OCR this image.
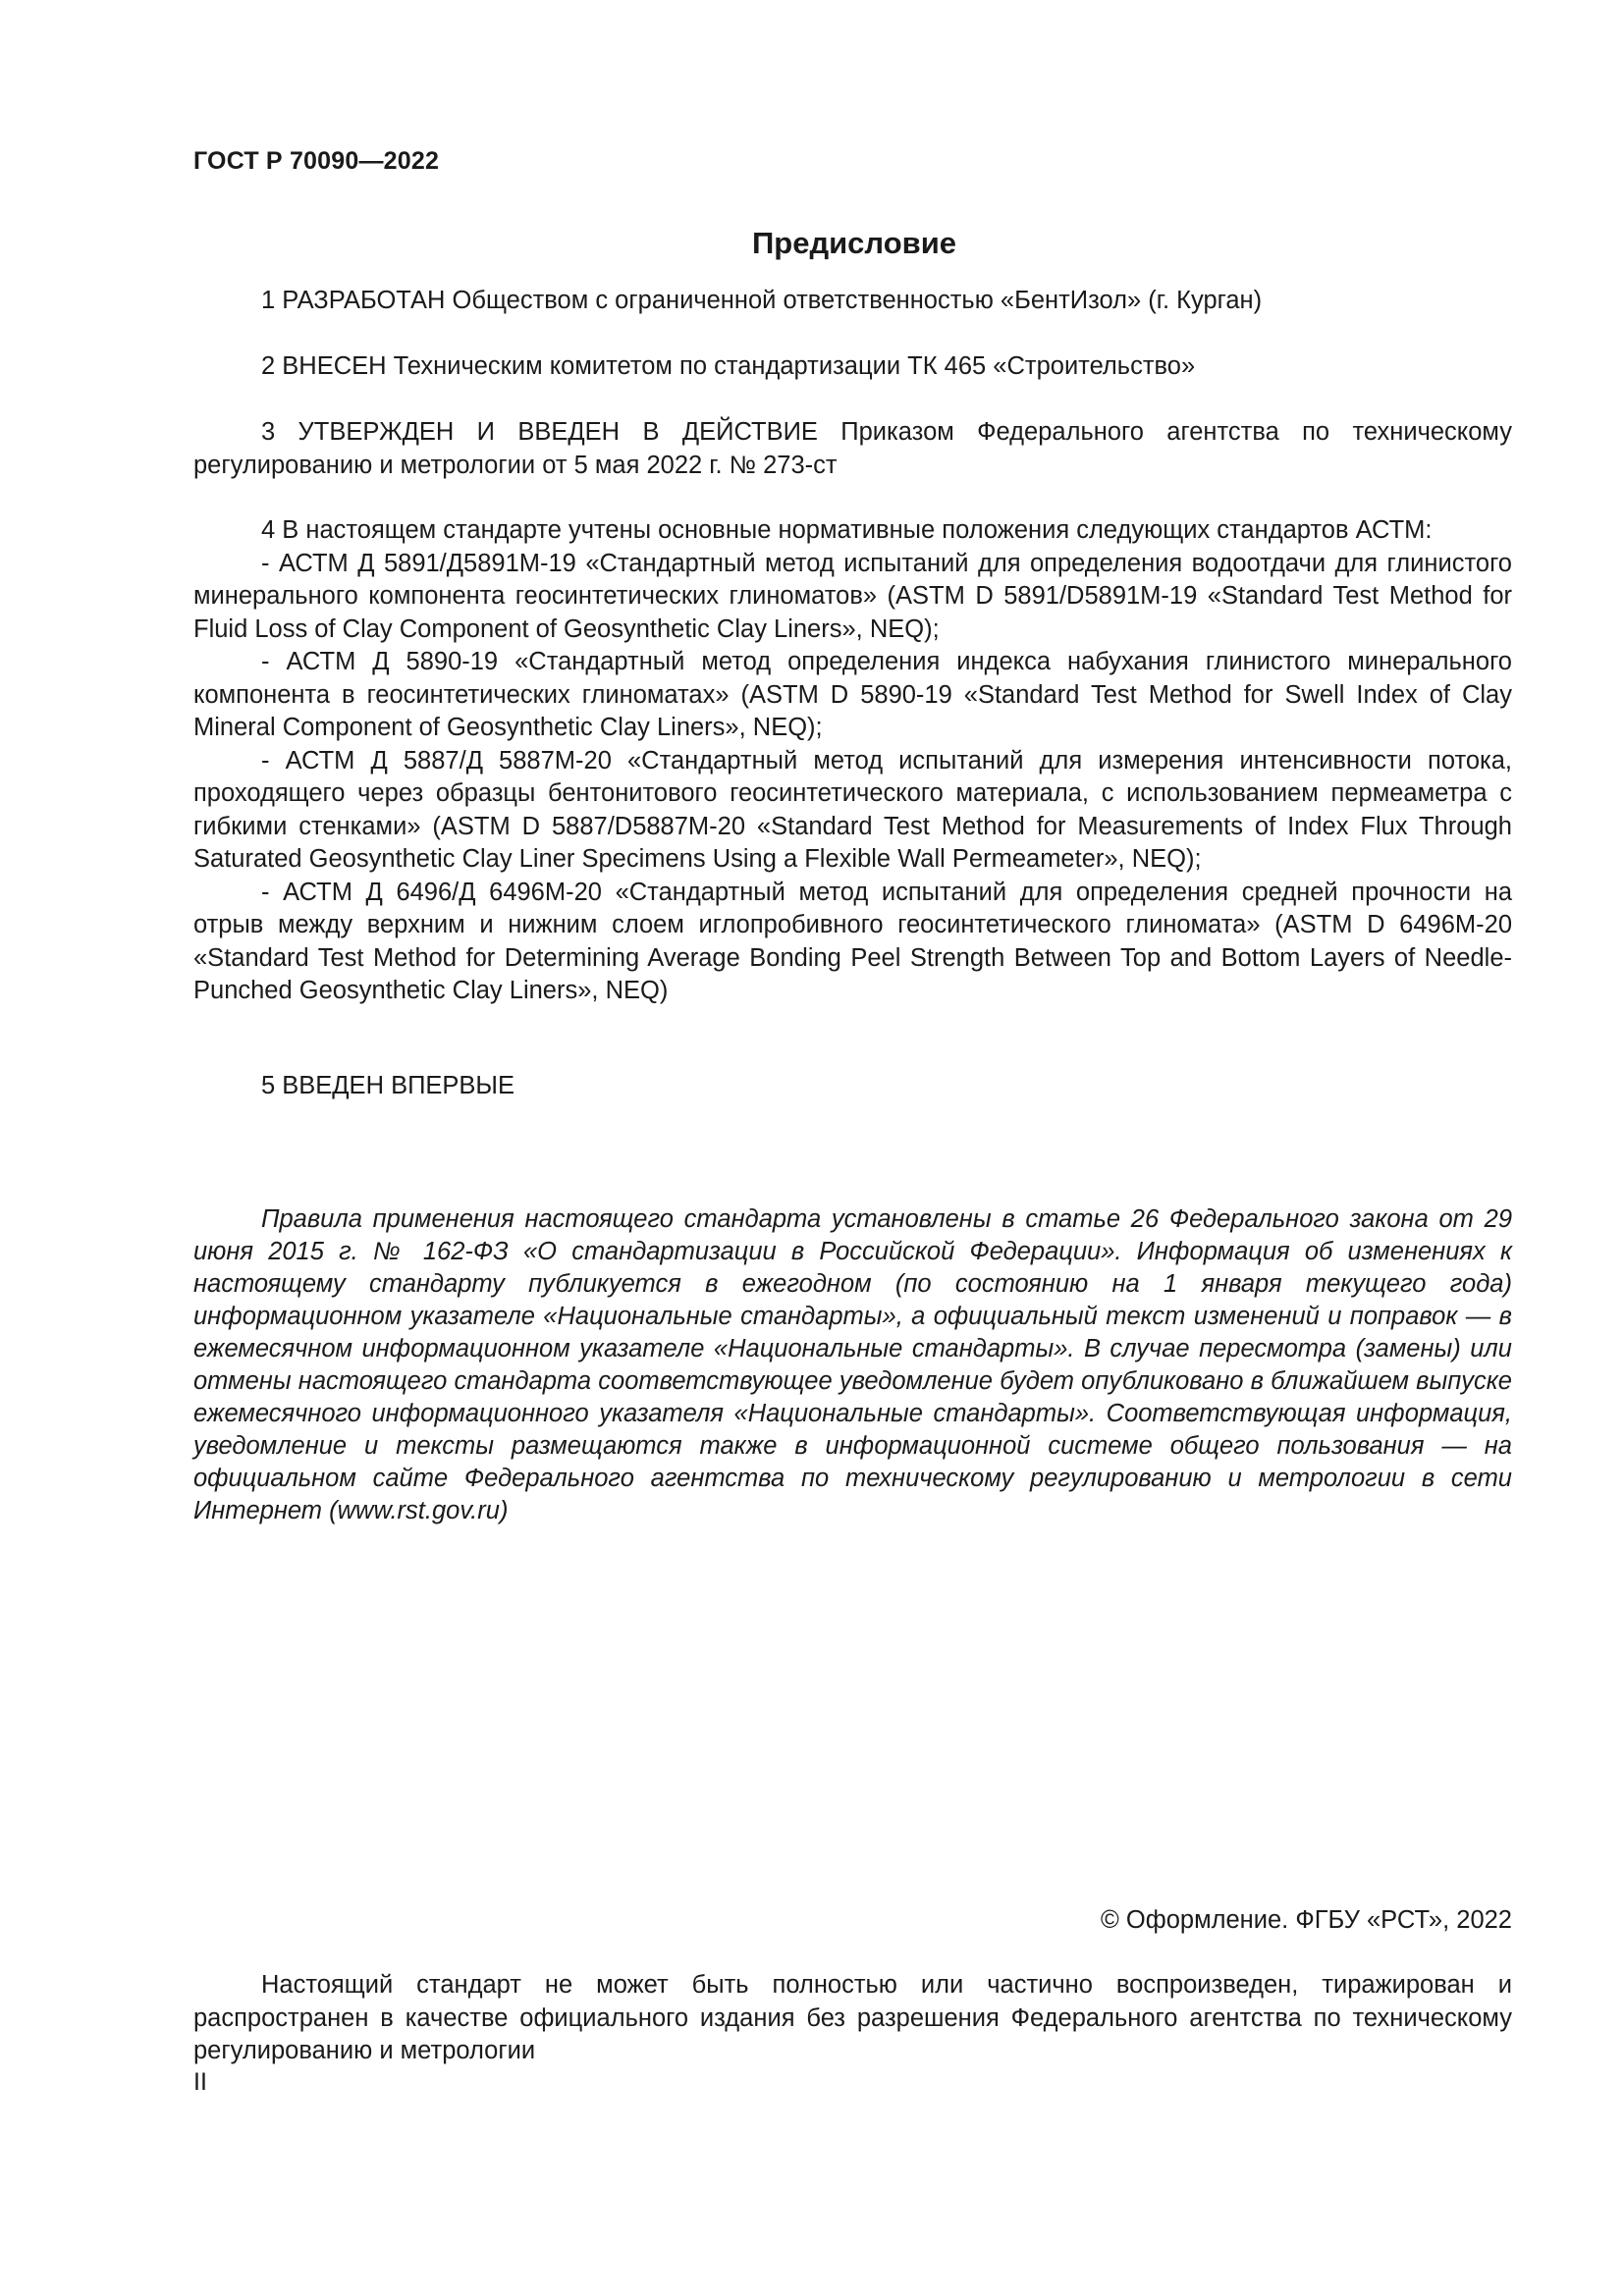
ГОСТ Р 70090—2022
Предисловие

1 РАЗРАБОТАН Обществом с ограниченной ответственностью «БентИзол» (г. Курган)

2 ВНЕСЕН Техническим комитетом по стандартизации ТК 465 «Строительство»

3 УТВЕРЖДЕН И ВВЕДЕН В ДЕЙСТВИЕ Приказом Федерального агентства по техническому регулированию и метрологии от 5 мая 2022 г. № 273-ст

4 В настоящем стандарте учтены основные нормативные положения следующих стандартов АСТМ:

- АСТМ Д 5891/Д5891М-19 «Стандартный метод испытаний для определения водоотдачи для глинистого минерального компонента геосинтетических глиноматов» (ASTM D 5891/D5891M-19 «Standard Test Method for Fluid Loss of Clay Component of Geosynthetic Clay Liners», NEQ);

- АСТМ Д 5890-19 «Стандартный метод определения индекса набухания глинистого минерального компонента в геосинтетических глиноматах» (ASTM D 5890-19 «Standard Test Method for Swell Index of Clay Mineral Component of Geosynthetic Clay Liners», NEQ);

- АСТМ Д 5887/Д 5887М-20 «Стандартный метод испытаний для измерения интенсивности потока, проходящего через образцы бентонитового геосинтетического материала, с использованием пермеаметра с гибкими стенками» (ASTM D 5887/D5887M-20 «Standard Test Method for Measurements of Index Flux Through Saturated Geosynthetic Clay Liner Specimens Using a Flexible Wall Permeameter», NEQ);

- АСТМ Д 6496/Д 6496М-20 «Стандартный метод испытаний для определения средней прочности на отрыв между верхним и нижним слоем иглопробивного геосинтетического глиномата» (ASTM D 6496M-20 «Standard Test Method for Determining Average Bonding Peel Strength Between Top and Bottom Layers of Needle-Punched Geosynthetic Clay Liners», NEQ)

5 ВВЕДЕН ВПЕРВЫЕ

Правила применения настоящего стандарта установлены в статье 26 Федерального закона от 29 июня 2015 г. № 162-ФЗ «О стандартизации в Российской Федерации». Информация об изменениях к настоящему стандарту публикуется в ежегодном (по состоянию на 1 января текущего года) информационном указателе «Национальные стандарты», а официальный текст изменений и поправок — в ежемесячном информационном указателе «Национальные стандарты». В случае пересмотра (замены) или отмены настоящего стандарта соответствующее уведомление будет опубликовано в ближайшем выпуске ежемесячного информационного указателя «Национальные стандарты». Соответствующая информация, уведомление и тексты размещаются также в информационной системе общего пользования — на официальном сайте Федерального агентства по техническому регулированию и метрологии в сети Интернет (www.rst.gov.ru)

© Оформление. ФГБУ «РСТ», 2022

Настоящий стандарт не может быть полностью или частично воспроизведен, тиражирован и распространен в качестве официального издания без разрешения Федерального агентства по техническому регулированию и метрологии

II
